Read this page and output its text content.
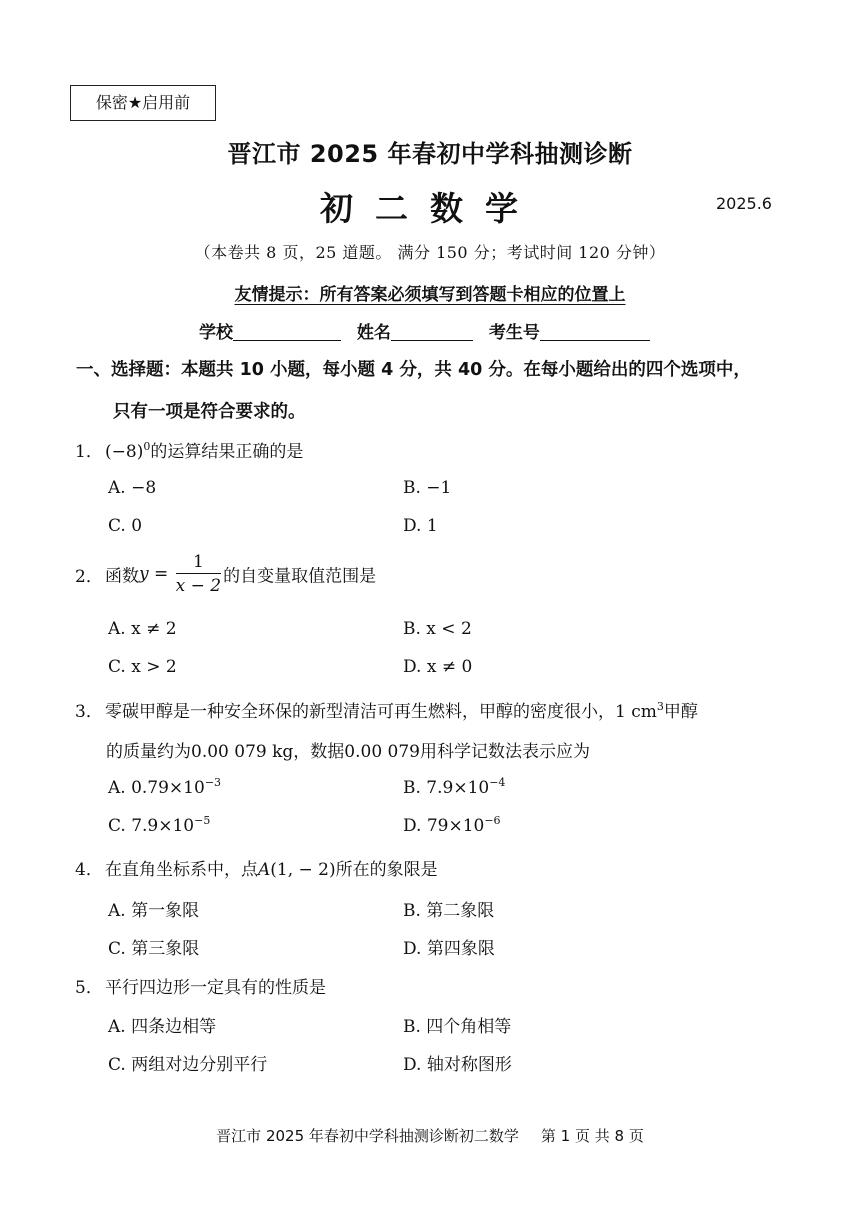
保密★启用前
晋江市 2025 年春初中学科抽测诊断
初二数学	2025.6
（本卷共 8 页，25 道题。 满分 150 分；考试时间 120 分钟）
友情提示：所有答案必须填写到答题卡相应的位置上
学校	姓名	考生号
一、选择题：本题共 10 小题，每小题 4 分，共 40 分。在每小题给出的四个选项中，
只有一项是符合要求的。
1． $(-8)^0$的运算结果正确的是
A. −8	B. −1
C. 0	D. 1
2． 函数$y = \frac{1}{x - 2}$ 的自变量取值范围是
A. x ≠ 2	B. x < 2
C. x > 2	D. x ≠ 0
3． 零碳甲醇是一种安全环保的新型清洁可再生燃料，甲醇的密度很小，1 $cm^3$甲醇
的质量约为0.00 079 kg，数据0.00 079用科学记数法表示应为
A. $0.79\times 10^{-3}$	B. $7.9\times 10^{-4}$
C. $7.9\times 10^{-5}$	D. $79\times 10^{-6}$
4． 在直角坐标系中，点A(1, − 2)所在的象限是
A. 第一象限	B. 第二象限
C. 第三象限	D. 第四象限
5． 平行四边形一定具有的性质是
A. 四条边相等	B. 四个角相等
C. 两组对边分别平行	D. 轴对称图形
晋江市 2025 年春初中学科抽测诊断初二数学 第 1 页 共 8 页
